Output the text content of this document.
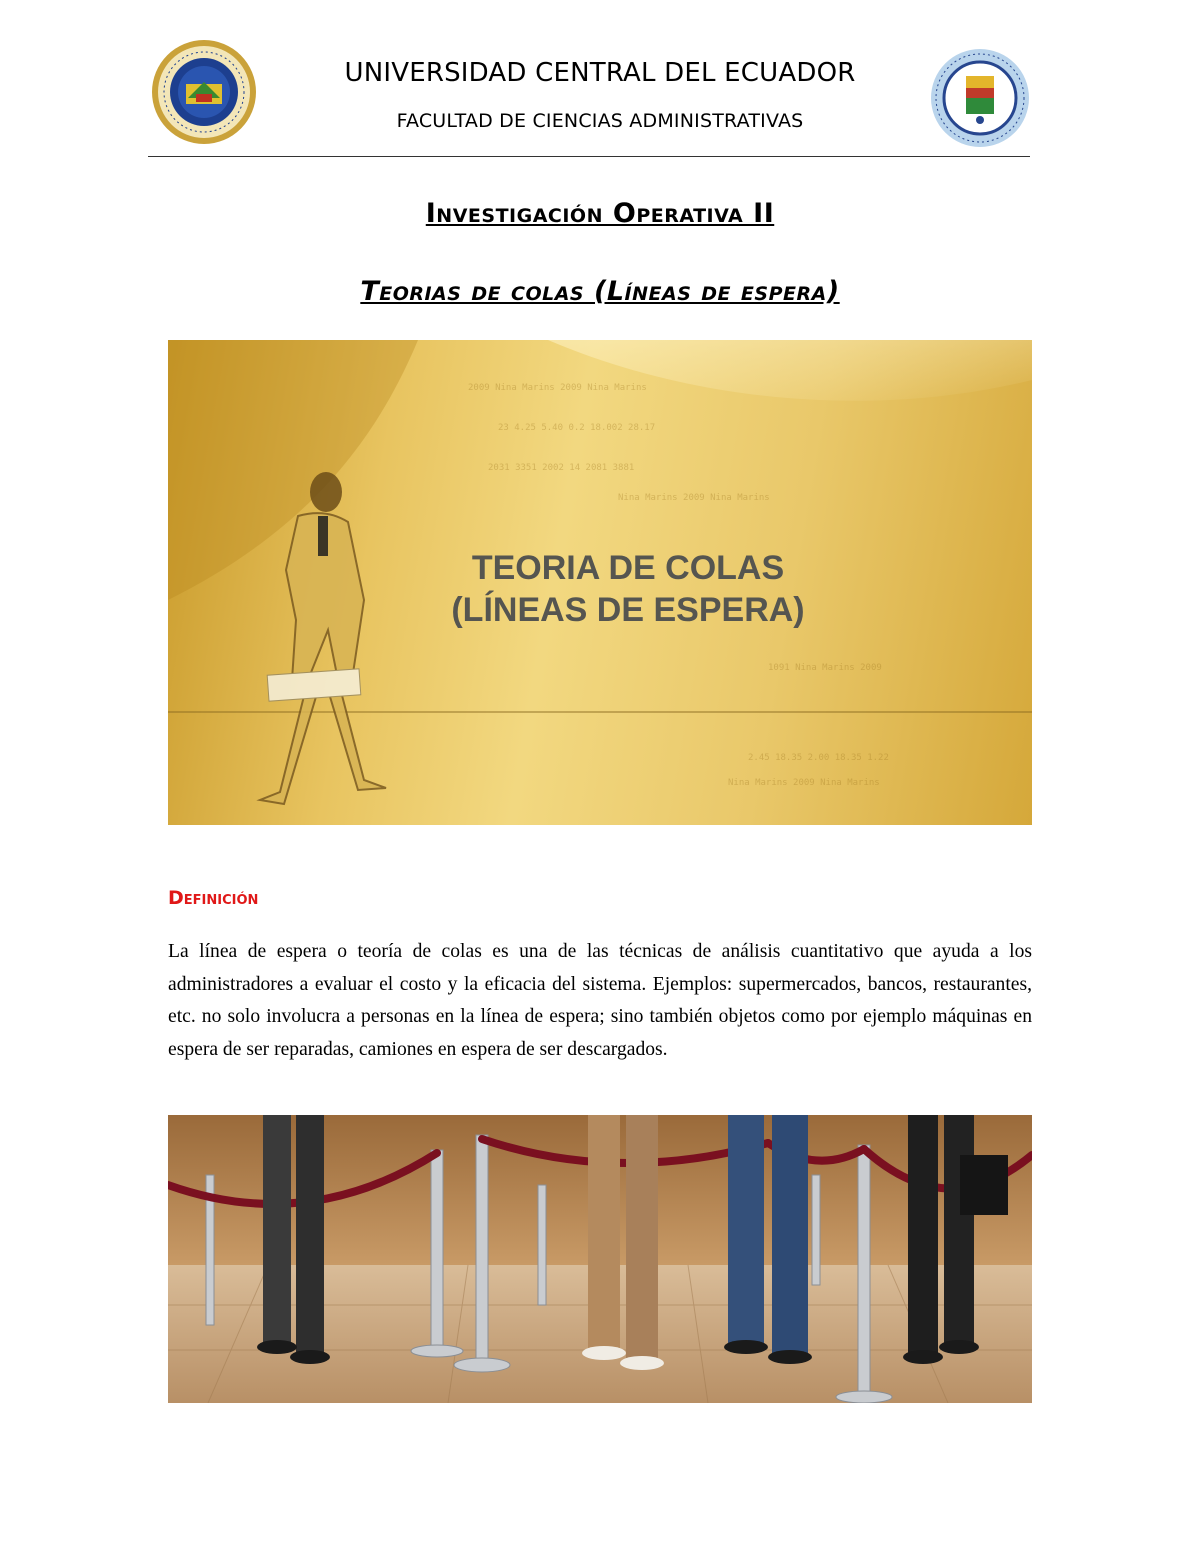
UNIVERSIDAD CENTRAL DEL ECUADOR
FACULTAD DE CIENCIAS ADMINISTRATIVAS
Investigación Operativa II
Teorias de colas (Líneas de espera)
2009 Nina Marins 2009 Nina Marins
23 4.25 5.40 0.2 18.002 28.17
2031 3351 2002 14 2081 3881
Nina Marins 2009 Nina Marins
1091 Nina Marins 2009
2.45 18.35 2.00 18.35 1.22
Nina Marins 2009 Nina Marins
TEORIA DE COLAS
(LÍNEAS DE ESPERA)
Definición
La línea de espera o teoría de colas es una de las técnicas de análisis cuantitativo que ayuda a los administradores a evaluar el costo y la eficacia del sistema. Ejemplos: supermercados, bancos, restaurantes, etc. no solo involucra a personas en la línea de espera; sino también objetos como por ejemplo máquinas en espera de ser reparadas, camiones en espera de ser descargados.
